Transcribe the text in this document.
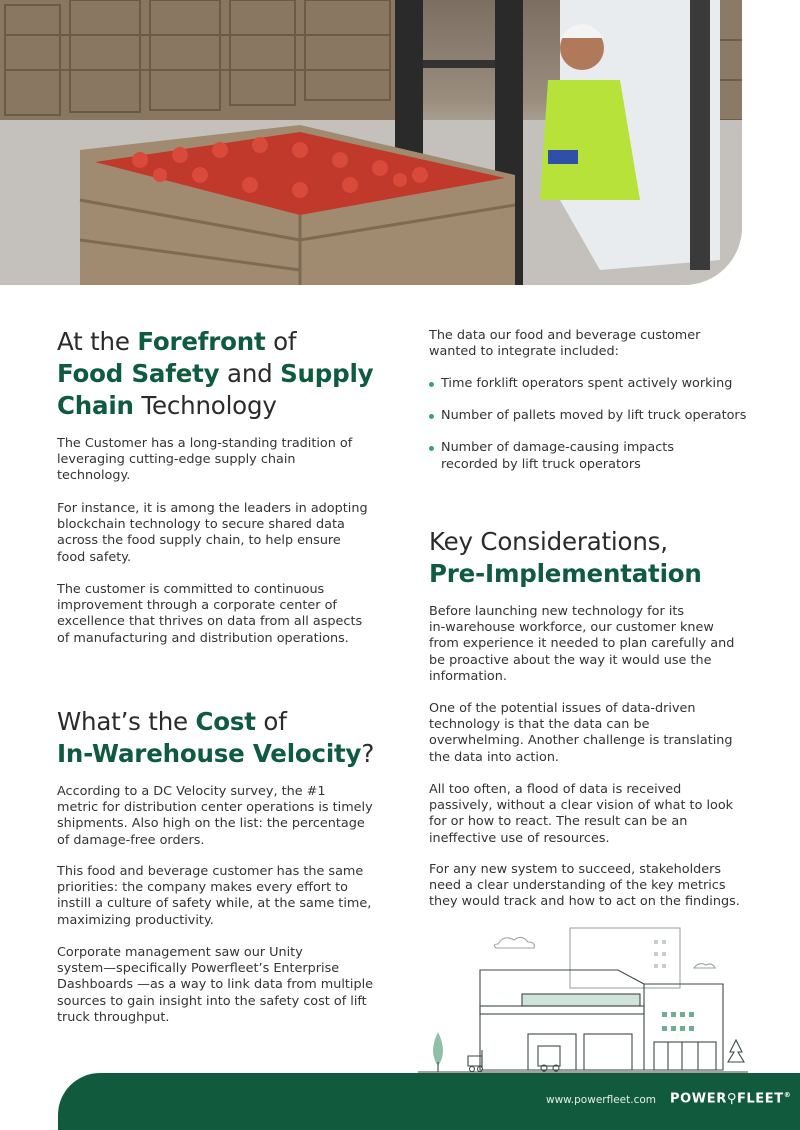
At the Forefront of
Food Safety and Supply
Chain Technology

The Customer has a long-standing tradition of
leveraging cutting-edge supply chain
technology.

For instance, it is among the leaders in adopting
blockchain technology to secure shared data
across the food supply chain, to help ensure
food safety.

The customer is committed to continuous
improvement through a corporate center of
excellence that thrives on data from all aspects
of manufacturing and distribution operations.

What’s the Cost of
In-Warehouse Velocity?

According to a DC Velocity survey, the #1
metric for distribution center operations is timely
shipments. Also high on the list: the percentage
of damage-free orders.

This food and beverage customer has the same
priorities: the company makes every effort to
instill a culture of safety while, at the same time,
maximizing productivity.

Corporate management saw our Unity
system—specifically Powerfleet’s Enterprise
Dashboards —as a way to link data from multiple
sources to gain insight into the safety cost of lift
truck throughput.

The data our food and beverage customer
wanted to integrate included:

Time forklift operators spent actively working
Number of pallets moved by lift truck operators
Number of damage-causing impacts
recorded by lift truck operators
Key Considerations,
Pre-Implementation

Before launching new technology for its
in-warehouse workforce, our customer knew
from experience it needed to plan carefully and
be proactive about the way it would use the
information.

One of the potential issues of data-driven
technology is that the data can be
overwhelming. Another challenge is translating
the data into action.

All too often, a flood of data is received
passively, without a clear vision of what to look
for or how to react. The result can be an
ineffective use of resources.

For any new system to succeed, stakeholders
need a clear understanding of the key metrics
they would track and how to act on the findings.

www.powerfleet.com POWER⚲FLEET®
